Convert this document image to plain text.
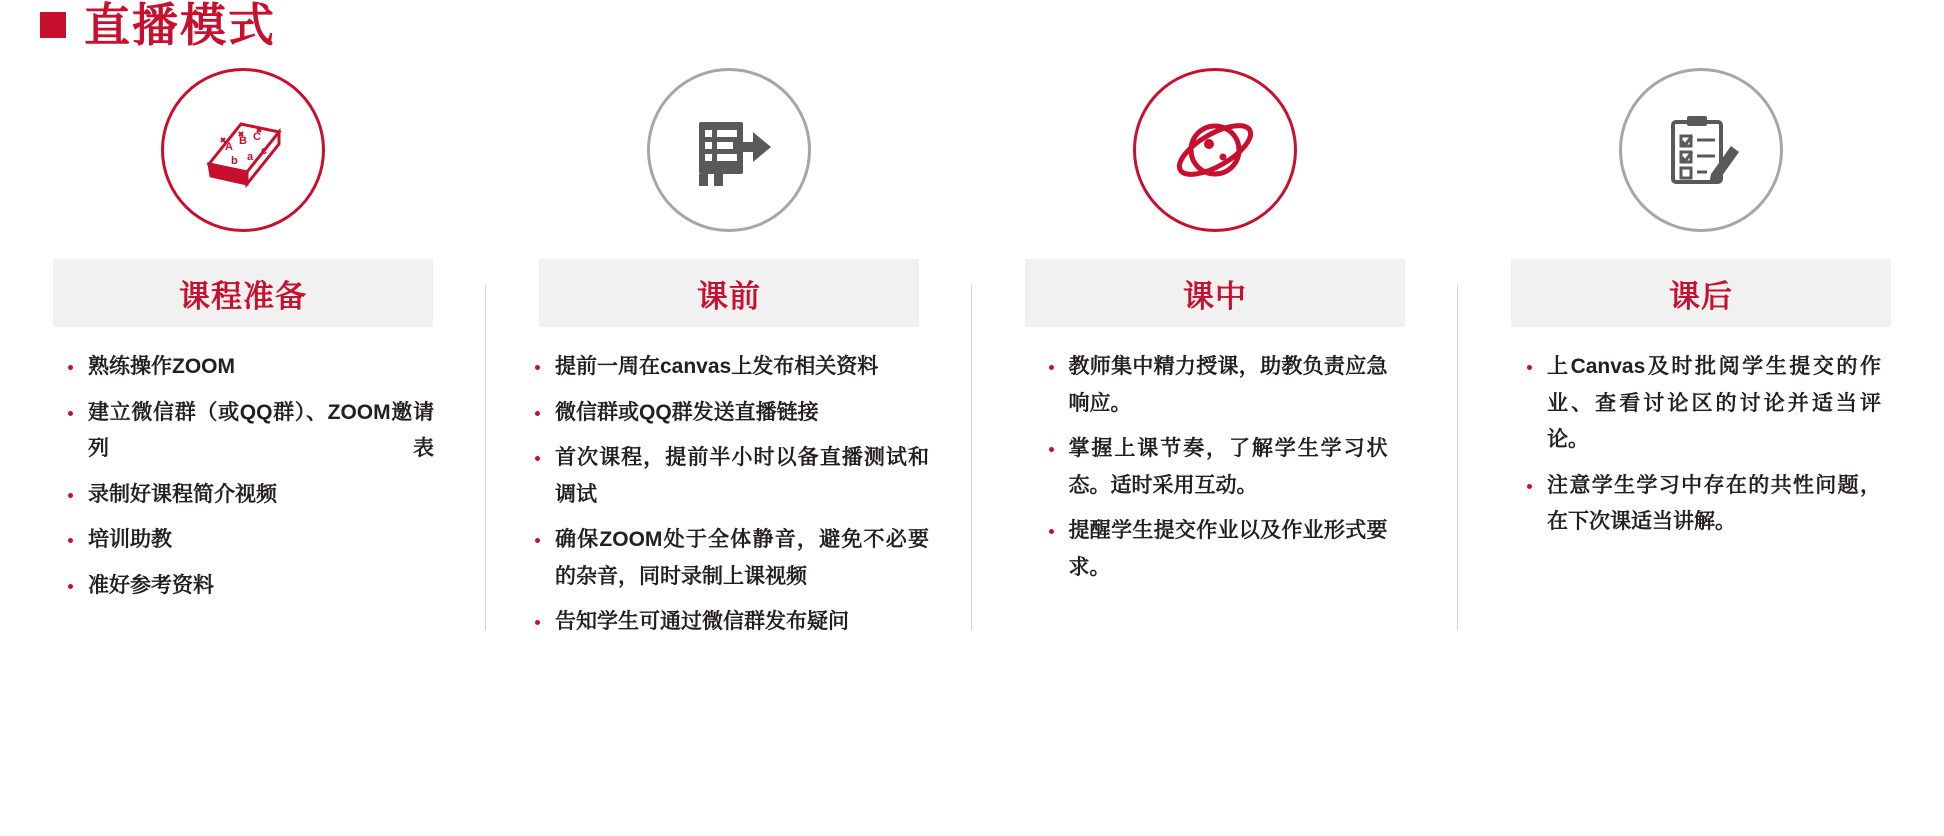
直播模式
A B C
b a c
课程准备
熟练操作ZOOM
建立微信群（或QQ群）、ZOOM邀请列表
录制好课程简介视频
培训助教
准好参考资料
课前
提前一周在canvas上发布相关资料
微信群或QQ群发送直播链接
首次课程，提前半小时以备直播测试和调试
确保ZOOM处于全体静音，避免不必要的杂音，同时录制上课视频
告知学生可通过微信群发布疑问
课中
教师集中精力授课，助教负责应急响应。
掌握上课节奏，了解学生学习状态。适时采用互动。
提醒学生提交作业以及作业形式要求。
课后
上Canvas及时批阅学生提交的作业、查看讨论区的讨论并适当评论。
注意学生学习中存在的共性问题，在下次课适当讲解。
